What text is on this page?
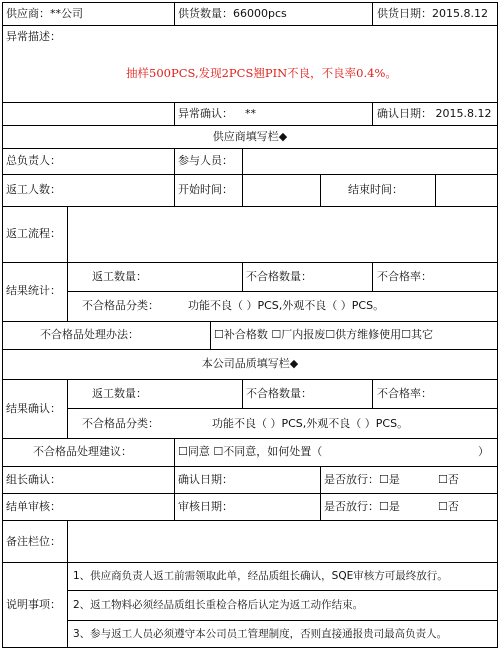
供应商：**公司	供货数量：66000pcs	供货日期：2015.8.12
异常描述：
抽样500PCS,发现2PCS翘PIN不良，不良率0.4%。
异常确认： **	确认日期： 2015.8.12
供应商填写栏◆
总负责人：	参与人员：
返工人数：	开始时间：	结束时间：
返工流程：
结果统计：
返工数量：	不合格数量：	不合格率：
不合格品分类：	功能不良（ ）PCS,外观不良（ ）PCS。
不合格品处理办法：	☐补合格数 ☐厂内报废☐供方维修使用☐其它
本公司品质填写栏◆
结果确认：
返工数量：	不合格数量：	不合格率：
不合格品分类：	功能不良（ ）PCS,外观不良（ ）PCS。
不合格品处理建议：	☐同意 ☐不同意，如何处置（	）
组长确认：	确认日期：	是否放行：☐是	☐否
结单审核：	审核日期：	是否放行：☐是	☐否
备注栏位：
说明事项：
1、供应商负责人返工前需领取此单，经品质组长确认，SQE审核方可最终放行。
2、返工物料必须经品质组长重检合格后认定为返工动作结束。
3、参与返工人员必须遵守本公司员工管理制度，否则直接通报贵司最高负责人。
